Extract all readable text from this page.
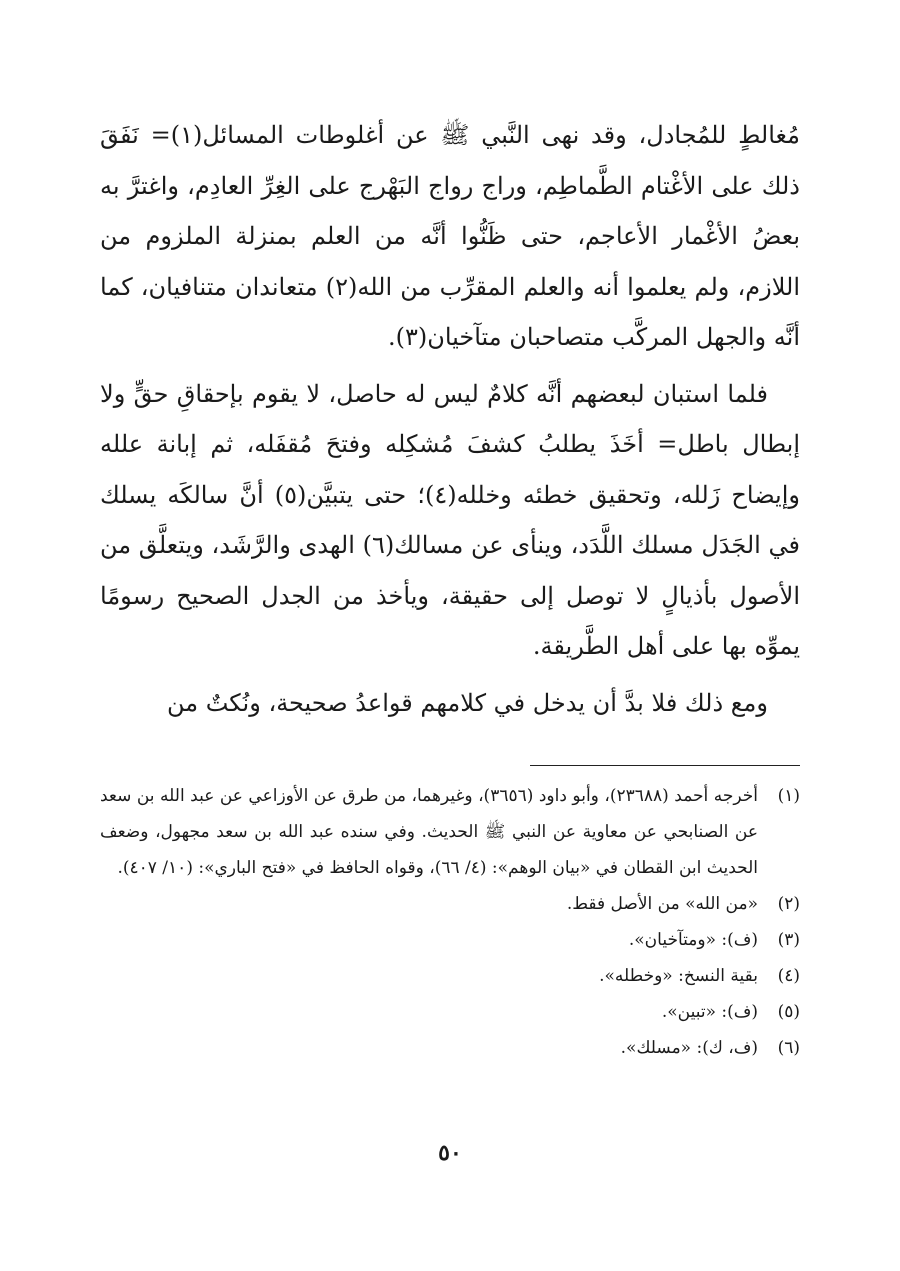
مُغالطٍ للمُجادل، وقد نهى النَّبي ﷺ عن أغلوطات المسائل(١)= نَفَقَ ذلك على الأغْتام الطَّماطِم، وراج رواج البَهْرج على الغِرِّ العادِم، واغترَّ به بعضُ الأغْمار الأعاجم، حتى ظَنُّوا أنَّه من العلم بمنزلة الملزوم من اللازم، ولم يعلموا أنه والعلم المقرِّب من الله(٢) متعاندان متنافيان، كما أنَّه والجهل المركَّب متصاحبان متآخيان(٣).

فلما استبان لبعضهم أنَّه كلامٌ ليس له حاصل، لا يقوم بإحقاقِ حقٍّ ولا إبطال باطل= أخَذَ يطلبُ كشفَ مُشكِله وفتحَ مُقفَله، ثم إبانة علله وإيضاح زَلله، وتحقيق خطئه وخلله(٤)؛ حتى يتبيَّن(٥) أنَّ سالكَه يسلك في الجَدَل مسلك اللَّدَد، وينأى عن مسالك(٦) الهدى والرَّشَد، ويتعلَّق من الأصول بأذيالٍ لا توصل إلى حقيقة، ويأخذ من الجدل الصحيح رسومًا يموِّه بها على أهل الطَّريقة.

ومع ذلك فلا بدَّ أن يدخل في كلامهم قواعدُ صحيحة، ونُكتٌ من

(١)
أخرجه أحمد (٢٣٦٨٨)، وأبو داود (٣٦٥٦)، وغيرهما، من طرق عن الأوزاعي عن عبد الله بن سعد عن الصنابحي عن معاوية عن النبي ﷺ الحديث. وفي سنده عبد الله بن سعد مجهول، وضعف الحديث ابن القطان في «بيان الوهم»: (٤/ ٦٦)، وقواه الحافظ في «فتح الباري»: (١٠/ ٤٠٧).
(٢)
«من الله» من الأصل فقط.
(٣)
(ف): «ومتآخيان».
(٤)
بقية النسخ: «وخطله».
(٥)
(ف): «تبين».
(٦)
(ف، ك): «مسلك».
٥٠
